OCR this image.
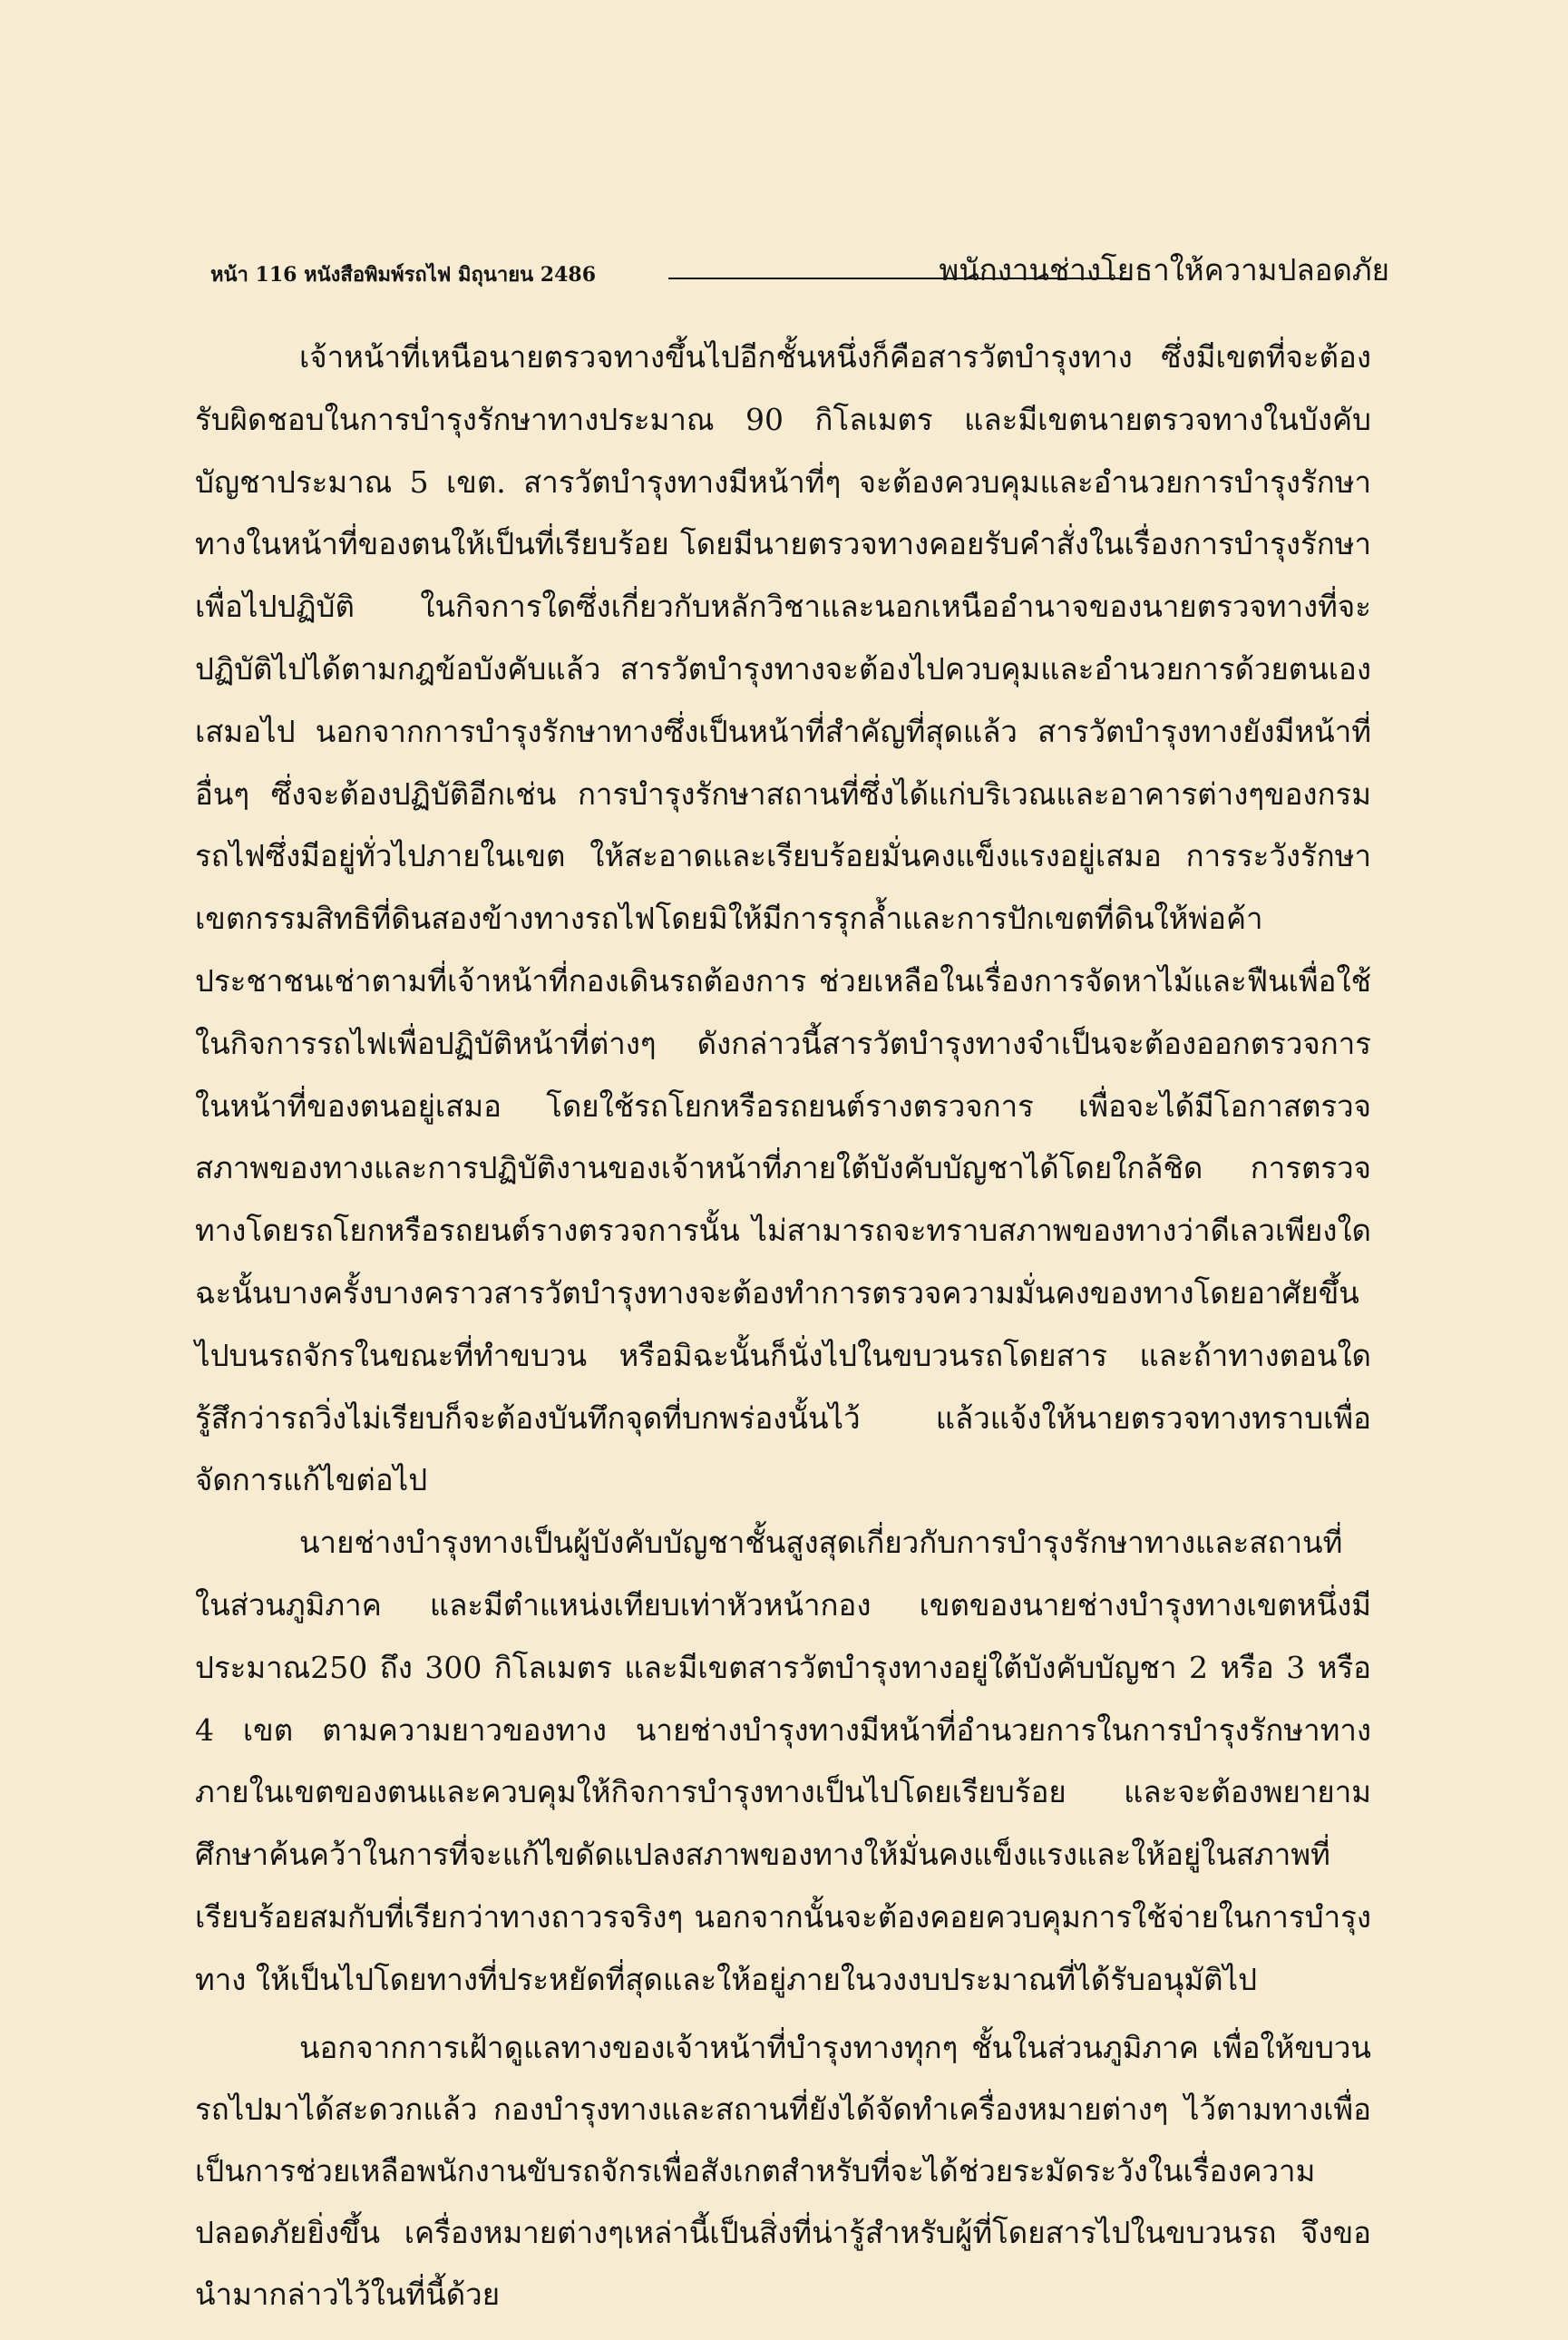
หน้า 116 หนังสือพิมพ์รถไฟ มิถุนายน 2486	พนักงานช่างโยธาให้ความปลอดภัย

เจ้าหน้าที่เหนือนายตรวจทางขึ้นไปอีกชั้นหนึ่งก็คือสารวัตบำรุงทาง ซึ่งมีเขตที่จะต้องรับผิดชอบในการบำรุงรักษาทางประมาณ 90 กิโลเมตร และมีเขตนายตรวจทางในบังคับบัญชาประมาณ 5 เขต. สารวัตบำรุงทางมีหน้าที่ๆ จะต้องควบคุมและอำนวยการบำรุงรักษาทางในหน้าที่ของตนให้เป็นที่เรียบร้อย โดยมีนายตรวจทางคอยรับคำสั่งในเรื่องการบำรุงรักษาเพื่อไปปฏิบัติ ในกิจการใดซึ่งเกี่ยวกับหลักวิชาและนอกเหนืออำนาจของนายตรวจทางที่จะปฏิบัติไปได้ตามกฎข้อบังคับแล้ว สารวัตบำรุงทางจะต้องไปควบคุมและอำนวยการด้วยตนเองเสมอไป นอกจากการบำรุงรักษาทางซึ่งเป็นหน้าที่สำคัญที่สุดแล้ว สารวัตบำรุงทางยังมีหน้าที่อื่นๆ ซึ่งจะต้องปฏิบัติอีกเช่น การบำรุงรักษาสถานที่ซึ่งได้แก่บริเวณและอาคารต่างๆของกรมรถไฟซึ่งมีอยู่ทั่วไปภายในเขต ให้สะอาดและเรียบร้อยมั่นคงแข็งแรงอยู่เสมอ การระวังรักษาเขตกรรมสิทธิที่ดินสองข้างทางรถไฟโดยมิให้มีการรุกล้ำและการปักเขตที่ดินให้พ่อค้าประชาชนเช่าตามที่เจ้าหน้าที่กองเดินรถต้องการ ช่วยเหลือในเรื่องการจัดหาไม้และฟืนเพื่อใช้ในกิจการรถไฟเพื่อปฏิบัติหน้าที่ต่างๆ ดังกล่าวนี้สารวัตบำรุงทางจำเป็นจะต้องออกตรวจการในหน้าที่ของตนอยู่เสมอ โดยใช้รถโยกหรือรถยนต์รางตรวจการ เพื่อจะได้มีโอกาสตรวจสภาพของทางและการปฏิบัติงานของเจ้าหน้าที่ภายใต้บังคับบัญชาได้โดยใกล้ชิด การตรวจทางโดยรถโยกหรือรถยนต์รางตรวจการนั้น ไม่สามารถจะทราบสภาพของทางว่าดีเลวเพียงใด ฉะนั้นบางครั้งบางคราวสารวัตบำรุงทางจะต้องทำการตรวจความมั่นคงของทางโดยอาศัยขึ้นไปบนรถจักรในขณะที่ทำขบวน หรือมิฉะนั้นก็นั่งไปในขบวนรถโดยสาร และถ้าทางตอนใดรู้สึกว่ารถวิ่งไม่เรียบก็จะต้องบันทึกจุดที่บกพร่องนั้นไว้ แล้วแจ้งให้นายตรวจทางทราบเพื่อจัดการแก้ไขต่อไป

นายช่างบำรุงทางเป็นผู้บังคับบัญชาชั้นสูงสุดเกี่ยวกับการบำรุงรักษาทางและสถานที่ในส่วนภูมิภาค และมีตำแหน่งเทียบเท่าหัวหน้ากอง เขตของนายช่างบำรุงทางเขตหนึ่งมีประมาณ250 ถึง 300 กิโลเมตร และมีเขตสารวัตบำรุงทางอยู่ใต้บังคับบัญชา 2 หรือ 3 หรือ 4 เขต ตามความยาวของทาง นายช่างบำรุงทางมีหน้าที่อำนวยการในการบำรุงรักษาทางภายในเขตของตนและควบคุมให้กิจการบำรุงทางเป็นไปโดยเรียบร้อย และจะต้องพยายามศึกษาค้นคว้าในการที่จะแก้ไขดัดแปลงสภาพของทางให้มั่นคงแข็งแรงและให้อยู่ในสภาพที่เรียบร้อยสมกับที่เรียกว่าทางถาวรจริงๆ นอกจากนั้นจะต้องคอยควบคุมการใช้จ่ายในการบำรุงทาง ให้เป็นไปโดยทางที่ประหยัดที่สุดและให้อยู่ภายในวงงบประมาณที่ได้รับอนุมัติไป

นอกจากการเฝ้าดูแลทางของเจ้าหน้าที่บำรุงทางทุกๆ ชั้นในส่วนภูมิภาค เพื่อให้ขบวนรถไปมาได้สะดวกแล้ว กองบำรุงทางและสถานที่ยังได้จัดทำเครื่องหมายต่างๆ ไว้ตามทางเพื่อเป็นการช่วยเหลือพนักงานขับรถจักรเพื่อสังเกตสำหรับที่จะได้ช่วยระมัดระวังในเรื่องความปลอดภัยยิ่งขึ้น เครื่องหมายต่างๆเหล่านี้เป็นสิ่งที่น่ารู้สำหรับผู้ที่โดยสารไปในขบวนรถ จึงขอนำมากล่าวไว้ในที่นี้ด้วย
